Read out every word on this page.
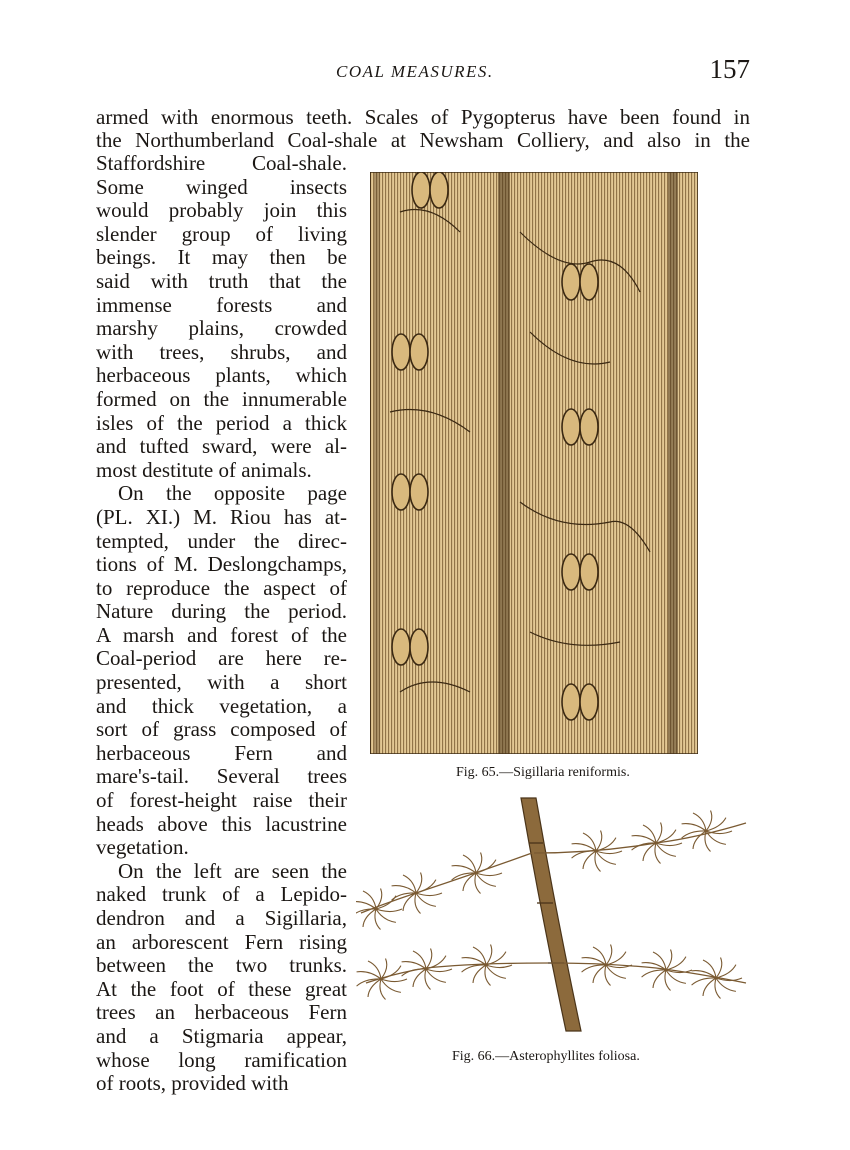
COAL MEASURES.	157
armed with enormous teeth. Scales of Pygopterus have been found in
the Northumberland Coal-shale at Newsham Colliery, and also in the
Staffordshire Coal-shale.
Some winged insects
would probably join this
slender group of living
beings. It may then be
said with truth that the
immense forests and
marshy plains, crowded
with trees, shrubs, and
herbaceous plants, which
formed on the innumerable
isles of the period a thick
and tufted sward, were al-
most destitute of animals.
On the opposite page
(PL. XI.) M. Riou has at-
tempted, under the direc-
tions of M. Deslongchamps,
to reproduce the aspect of
Nature during the period.
A marsh and forest of the
Coal-period are here re-
presented, with a short
and thick vegetation, a
sort of grass composed of
herbaceous Fern and
mare's-tail. Several trees
of forest-height raise their
heads above this lacustrine
vegetation.
On the left are seen the
naked trunk of a Lepido-
dendron and a Sigillaria,
an arborescent Fern rising
between the two trunks.
At the foot of these great
trees an herbaceous Fern
and a Stigmaria appear,
whose long ramification
of roots, provided with
Fig. 65.—Sigillaria reniformis.
Fig. 66.—Asterophyllites foliosa.
